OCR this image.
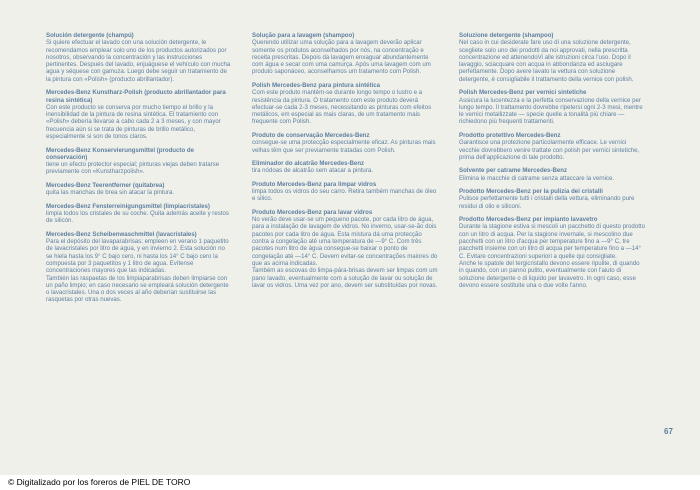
Solución detergente (champú)

Si quiere efectuar el lavado con una solución detergente, le recomendamos emplear solo uno de los productos autorizados por nosotros, observando la concentración y las instrucciones pertinentes. Después del lavado, enjuáguese el vehículo con mucha agua y séquese con gamuza. Luego debe seguir un tratamiento de la pintura con «Polish» (producto abrillantador).

Mercedes-Benz Kunstharz-Polish (producto abrillantador para resina sintética)

Con este producto se conserva por mucho tiempo el brillo y la inensibilidad de la pintura de resina sintética. El tratamiento con «Polish» debería llevarse a cabo cada 2 a 3 meses, y con mayor frecuencia aún si se trata de pinturas de brillo metálico, especialmente si son de tonos claros.

Mercedes-Benz Konservierungsmittel (producto de conservación)

tiene un efecto protector especial; pinturas viejas deben tratarse previamente con «Kunstharzpolish».

Mercedes-Benz Teerentferner (quitabrea)

quita las manchas de brea sin atacar la pintura.

Mercedes-Benz Fensterreinigungsmittel (limpiacristales)

limpia todos los cristales de su coche. Quita además aceite y restos de silicón.

Mercedes-Benz Scheibenwaschmittel (lavacristales)

Para el depósito del lavaparabrisas; empleen en verano 1 paquetito de lavacristales por litro de agua, y en invierno 2. Esta solución no se hiela hasta los 9° C bajo cero, ni hasta los 14° C bajo cero la compuesta por 3 paquetitos y 1 litro de agua. Evítense concentraciones mayores que las indicadas.

También las raspaetas de los limpiaparabrisas deben limpiarse con un paño limpio; en caso necesario se empleará solución detergente o lavacristales. Una o dos veces al año deberían sustituirse las rasquetas por otras nuevas.

Solução para a lavagem (shampoo)

Querendo utilizar uma solução para a lavagem deverão aplicar somente os produtos aconselhados por nós, na concentração e receita prescritas. Depois da lavagem enxaguar abundantemente com água e secar com uma camurça. Após uma lavagem com um produto saponáceo, aconselhamos um tratamento com Polish.

Polish Mercedes-Benz para pintura sintética

Com este produto mantém-se durante longo tempo o lustro e a resistência da pintura. O tratamento com este produto deverá efectuar-se cada 2-3 meses, necessitando as pinturas com efeitos metálicos, em especial as mais claras, de um tratamento mais frequente com Polish.

Produto de conservação Mercedes-Benz

consegue-se uma protecção especialmente eficaz. As pinturas mais velhas têm que ser previamente tratadas com Polish.

Eliminador do alcatrão Mercedes-Benz

tira nódoas de alcatrão sem atacar a pintura.

Produto Mercedes-Benz para limpar vidros

limpa todos os vidros do seu carro. Retira também manchas de óleo e silico.

Produto Mercedes-Benz para lavar vidros

No verão deve usar-se um pequeno pacote, por cada litro de água, para a instalação de lavagem de vidros. No inverno, usar-se-ão dois pacotes por cada litro de água. Esta mistura dá uma protecção contra a congelação até uma temperatura de —9° C. Com três pacotes num litro de água consegue-se baixar o ponto de congelação até —14° C. Devem evitar-se concentrações maiores do que as acima indicadas.

Também as escovas do limpa-pára-brisas devem ser limpas com um pano lavado, eventualmente com a solução de lavar ou solução de lavar os vidros. Uma vez por ano, devem ser substituídas por novas.

Soluzione detergente (shampoo)

Nel caso in cui desiderate fare uso di una soluzione detergente, scegliete solo uno dei prodotti da noi approvati, nella prescritta concentrazione ed attenendoVi alle istruzioni circa l'uso. Dopo il lavaggio, sciacquare con acqua in abbondanza ed asciugare perfettamente. Dopo avere lavato la vettura con soluzione detergente, è consigliabile il trattamento della vernice con polish.

Polish Mercedes-Benz per vernici sintetiche

Assicura la lucentezza e la perfetta conservazione della vernice per lungo tempo. Il trattamento dovrebbe ripetersi ogni 2-3 mesi, mentre le vernici metallizzate — specie quelle a tonalità più chiare — richiedono più frequenti trattamenti.

Prodotto protettivo Mercedes-Benz

Garantisce una protezione particolarmente efficace. Le vernici vecchie dovrebbero venire trattate con polish per vernici sintetiche, prima dell'applicazione di tale prodotto.

Solvente per catrame Mercedes-Benz

Elimina le macchie di catrame senza attaccare la vernice.

Prodotto Mercedes-Benz per la pulizia dei cristalli

Pulisce perfettamente tutti i cristalli della vettura, eliminando pure residui di olio e siliconi.

Prodotto Mercedes-Benz per impianto lavavetro

Durante la stagione estiva si mescoli un pacchetto di questo prodotto con un litro di acqua. Per la stagione invernale, si mescolino due pacchetti con un litro d'acqua per temperature fino a —9° C, tre pacchetti insieme con un litro di acqua per temperature fino a —14° C. Evitare concentrazioni superiori a quelle qui consigliate.

Anche le spatole del tergicristallo devono essere ripulite, di quando in quando, con un panno pulito, eventualmente con l'aiuto di soluzione detergente o di liquido per lavavetro. In ogni caso, esse devono essere sostituite una o due volte l'anno.

67
© Digitalizado por los foreros de PIEL DE TORO
